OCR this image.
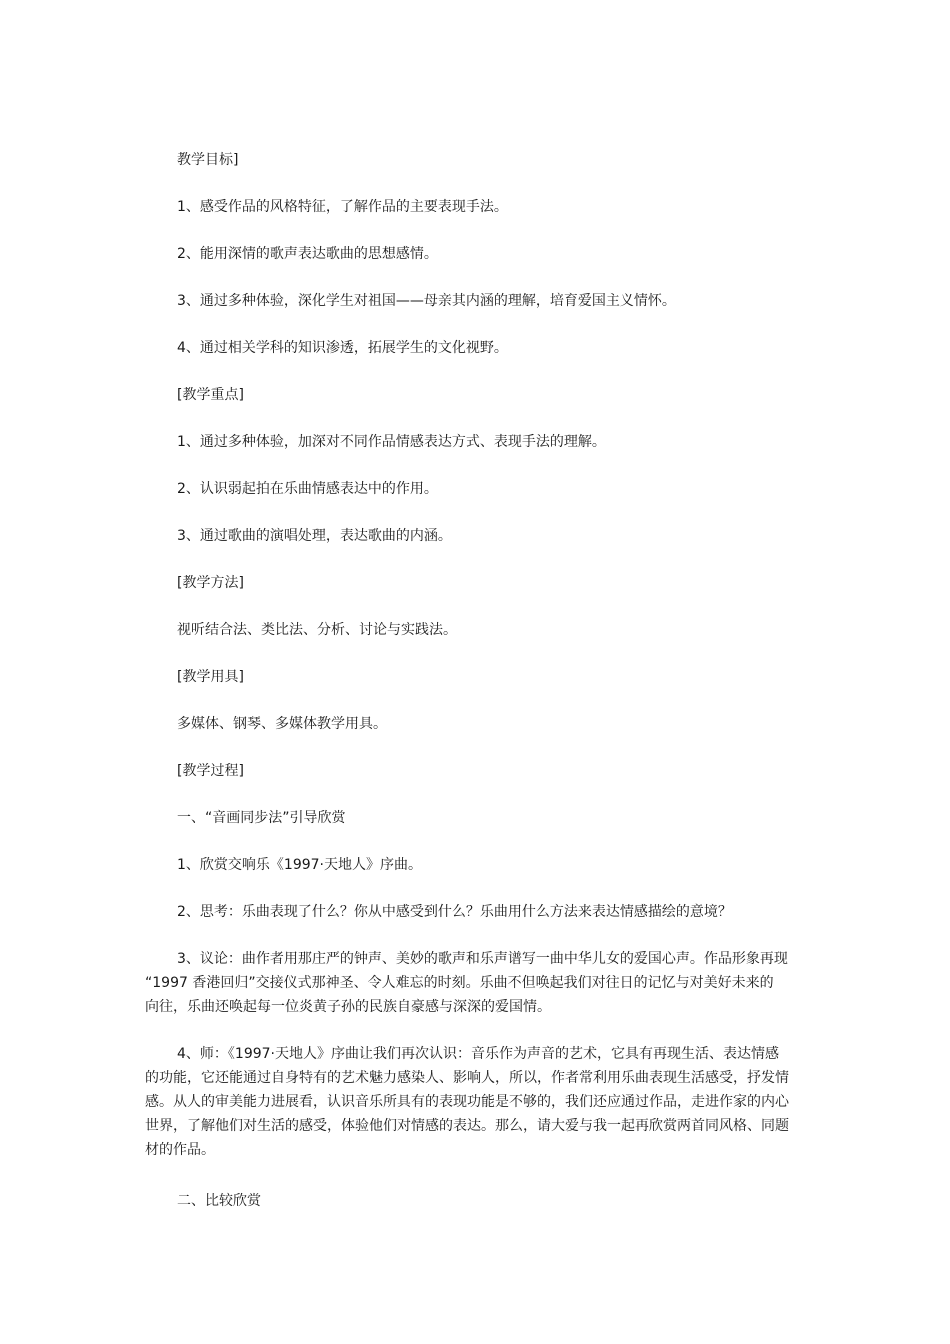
教学目标]

1、感受作品的风格特征，了解作品的主要表现手法。

2、能用深情的歌声表达歌曲的思想感情。

3、通过多种体验，深化学生对祖国——母亲其内涵的理解，培育爱国主义情怀。

4、通过相关学科的知识渗透，拓展学生的文化视野。

[教学重点]

1、通过多种体验，加深对不同作品情感表达方式、表现手法的理解。

2、认识弱起拍在乐曲情感表达中的作用。

3、通过歌曲的演唱处理，表达歌曲的内涵。

[教学方法]

视听结合法、类比法、分析、讨论与实践法。

[教学用具]

多媒体、钢琴、多媒体教学用具。

[教学过程]

一、“音画同步法”引导欣赏

1、欣赏交响乐《1997·天地人》序曲。

2、思考：乐曲表现了什么？你从中感受到什么？乐曲用什么方法来表达情感描绘的意境？

3、议论：曲作者用那庄严的钟声、美妙的歌声和乐声谱写一曲中华儿女的爱国心声。作品形象再现

“1997 香港回归”交接仪式那神圣、令人难忘的时刻。乐曲不但唤起我们对往日的记忆与对美好未来的

向往，乐曲还唤起每一位炎黄子孙的民族自豪感与深深的爱国情。

4、师：《1997·天地人》序曲让我们再次认识：音乐作为声音的艺术，它具有再现生活、表达情感

的功能，它还能通过自身特有的艺术魅力感染人、影响人，所以，作者常利用乐曲表现生活感受，抒发情

感。从人的审美能力进展看，认识音乐所具有的表现功能是不够的，我们还应通过作品，走进作家的内心

世界，了解他们对生活的感受，体验他们对情感的表达。那么，请大爱与我一起再欣赏两首同风格、同题

材的作品。

二、比较欣赏
